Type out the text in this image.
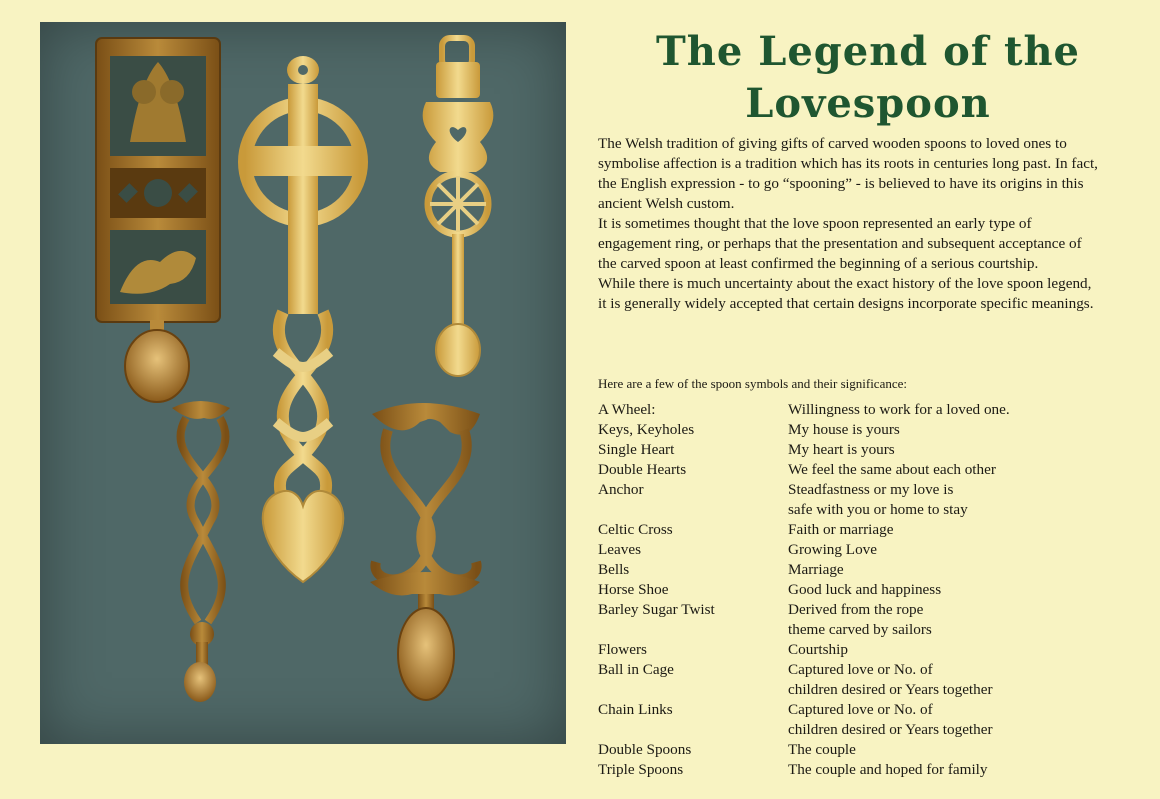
The Legend of the
Lovespoon

The Welsh tradition of giving gifts of carved wooden spoons to loved ones to symbolise affection is a tradition which has its roots in centuries long past. In fact, the English expression - to go “spooning” - is believed to have its origins in this ancient Welsh custom.

It is sometimes thought that the love spoon represented an early type of engagement ring, or perhaps that the presentation and subsequent acceptance of the carved spoon at least confirmed the beginning of a serious courtship.

While there is much uncertainty about the exact history of the love spoon legend, it is generally widely accepted that certain designs incorporate specific meanings.

Here are a few of the spoon symbols and their significance:
A Wheel:	Willingness to work for a loved one.
Keys, Keyholes	My house is yours
Single Heart	My heart is yours
Double Hearts	We feel the same about each other
Anchor	Steadfastness or my love is
safe with you or home to stay
Celtic Cross	Faith or marriage
Leaves	Growing Love
Bells	Marriage
Horse Shoe	Good luck and happiness
Barley Sugar Twist	Derived from the rope
theme carved by sailors
Flowers	Courtship
Ball in Cage	Captured love or No. of
children desired or Years together
Chain Links	Captured love or No. of
children desired or Years together
Double Spoons	The couple
Triple Spoons	The couple and hoped for family
